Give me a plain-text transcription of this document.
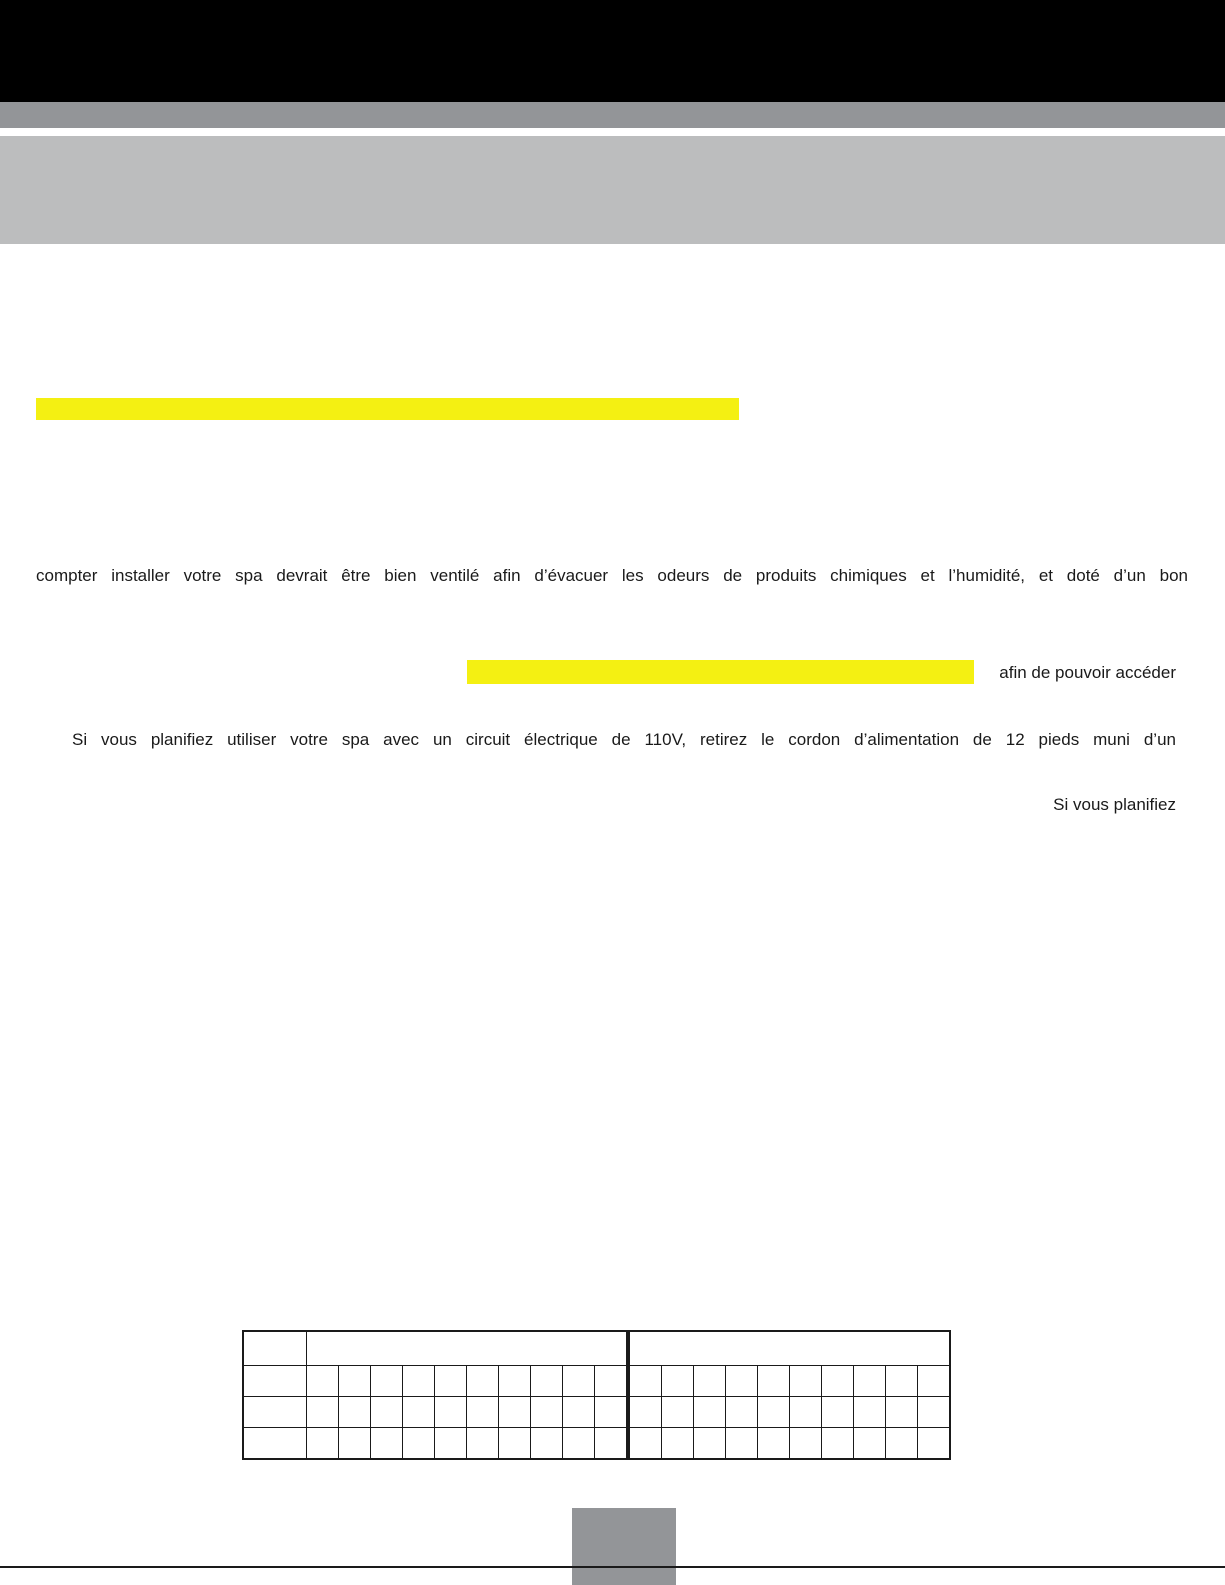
compter installer votre spa devrait être bien ventilé afin d’évacuer les odeurs de produits chimiques et l’humidité, et doté d’un bon
afin de pouvoir accéder
Si vous planifiez utiliser votre spa avec un circuit électrique de 110V, retirez le cordon d’alimentation de 12 pieds muni d’un
Si vous planifiez
